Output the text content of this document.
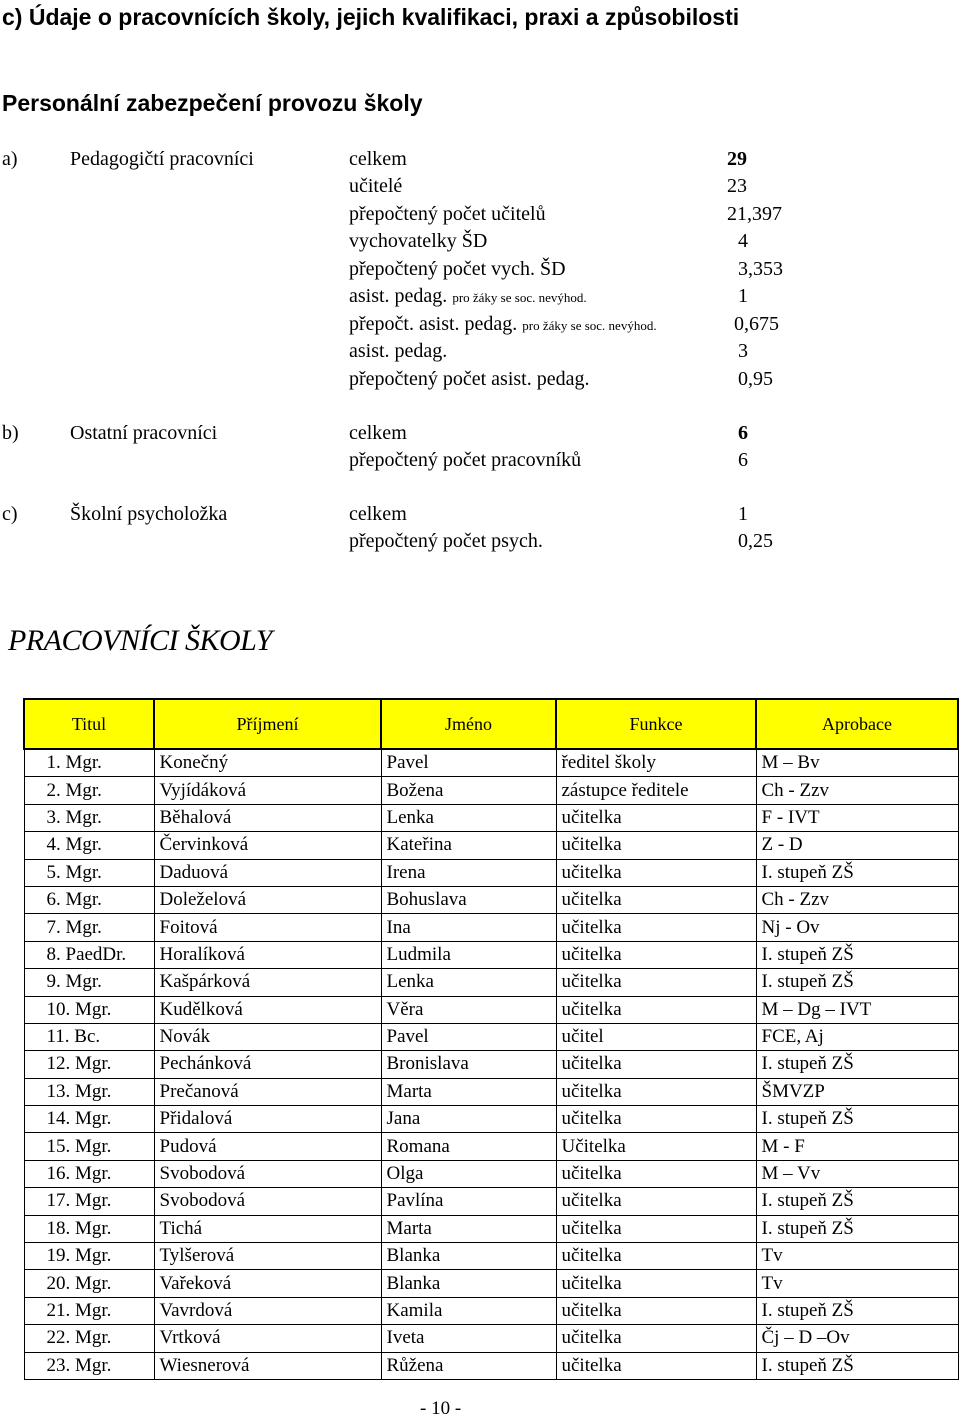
c) Údaje o pracovnících školy, jejich kvalifikaci, praxi a způsobilosti
Personální zabezpečení provozu školy
a)	Pedagogičtí pracovníci	celkem	29
učitelé	23
přepočtený počet učitelů	21,397
vychovatelky ŠD	4
přepočtený počet vych. ŠD	3,353
asist. pedag. pro žáky se soc. nevýhod.	1
přepočt. asist. pedag. pro žáky se soc. nevýhod.	0,675
asist. pedag.	3
přepočtený počet asist. pedag.	0,95
b)	Ostatní pracovníci	celkem	6
přepočtený počet pracovníků	6
c)	Školní psycholožka	celkem	1
přepočtený počet psych.	0,25
PRACOVNÍCI ŠKOLY
Titul	Příjmení	Jméno	Funkce	Aprobace
1. Mgr.	Konečný	Pavel	ředitel školy	M – Bv
2. Mgr.	Vyjídáková	Božena	zástupce ředitele	Ch - Zzv
3. Mgr.	Běhalová	Lenka	učitelka	F - IVT
4. Mgr.	Červinková	Kateřina	učitelka	Z - D
5. Mgr.	Daduová	Irena	učitelka	I. stupeň ZŠ
6. Mgr.	Doleželová	Bohuslava	učitelka	Ch - Zzv
7. Mgr.	Foitová	Ina	učitelka	Nj - Ov
8. PaedDr.	Horalíková	Ludmila	učitelka	I. stupeň ZŠ
9. Mgr.	Kašpárková	Lenka	učitelka	I. stupeň ZŠ
10. Mgr.	Kudělková	Věra	učitelka	M – Dg – IVT
11. Bc.	Novák	Pavel	učitel	FCE, Aj
12. Mgr.	Pechánková	Bronislava	učitelka	I. stupeň ZŠ
13. Mgr.	Prečanová	Marta	učitelka	ŠMVZP
14. Mgr.	Přidalová	Jana	učitelka	I. stupeň ZŠ
15. Mgr.	Pudová	Romana	Učitelka	M - F
16. Mgr.	Svobodová	Olga	učitelka	M – Vv
17. Mgr.	Svobodová	Pavlína	učitelka	I. stupeň ZŠ
18. Mgr.	Tichá	Marta	učitelka	I. stupeň ZŠ
19. Mgr.	Tylšerová	Blanka	učitelka	Tv
20. Mgr.	Vařeková	Blanka	učitelka	Tv
21. Mgr.	Vavrdová	Kamila	učitelka	I. stupeň ZŠ
22. Mgr.	Vrtková	Iveta	učitelka	Čj – D –Ov
23. Mgr.	Wiesnerová	Růžena	učitelka	I. stupeň ZŠ
- 10 -
